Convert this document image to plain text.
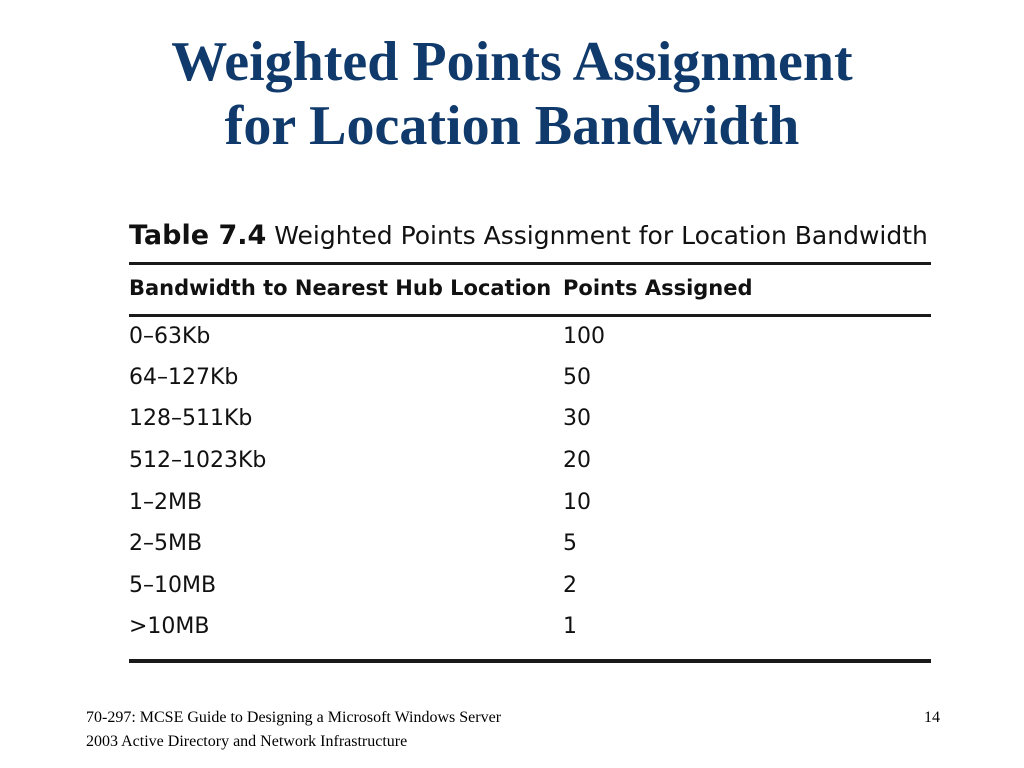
Weighted Points Assignment
for Location Bandwidth
Table 7.4 Weighted Points Assignment for Location Bandwidth
Bandwidth to Nearest Hub Location Points Assigned
0–63Kb	100
64–127Kb	50
128–511Kb	30
512–1023Kb	20
1–2MB	10
2–5MB	5
5–10MB	2
>10MB	1
70-297: MCSE Guide to Designing a Microsoft Windows Server
2003 Active Directory and Network Infrastructure
14
